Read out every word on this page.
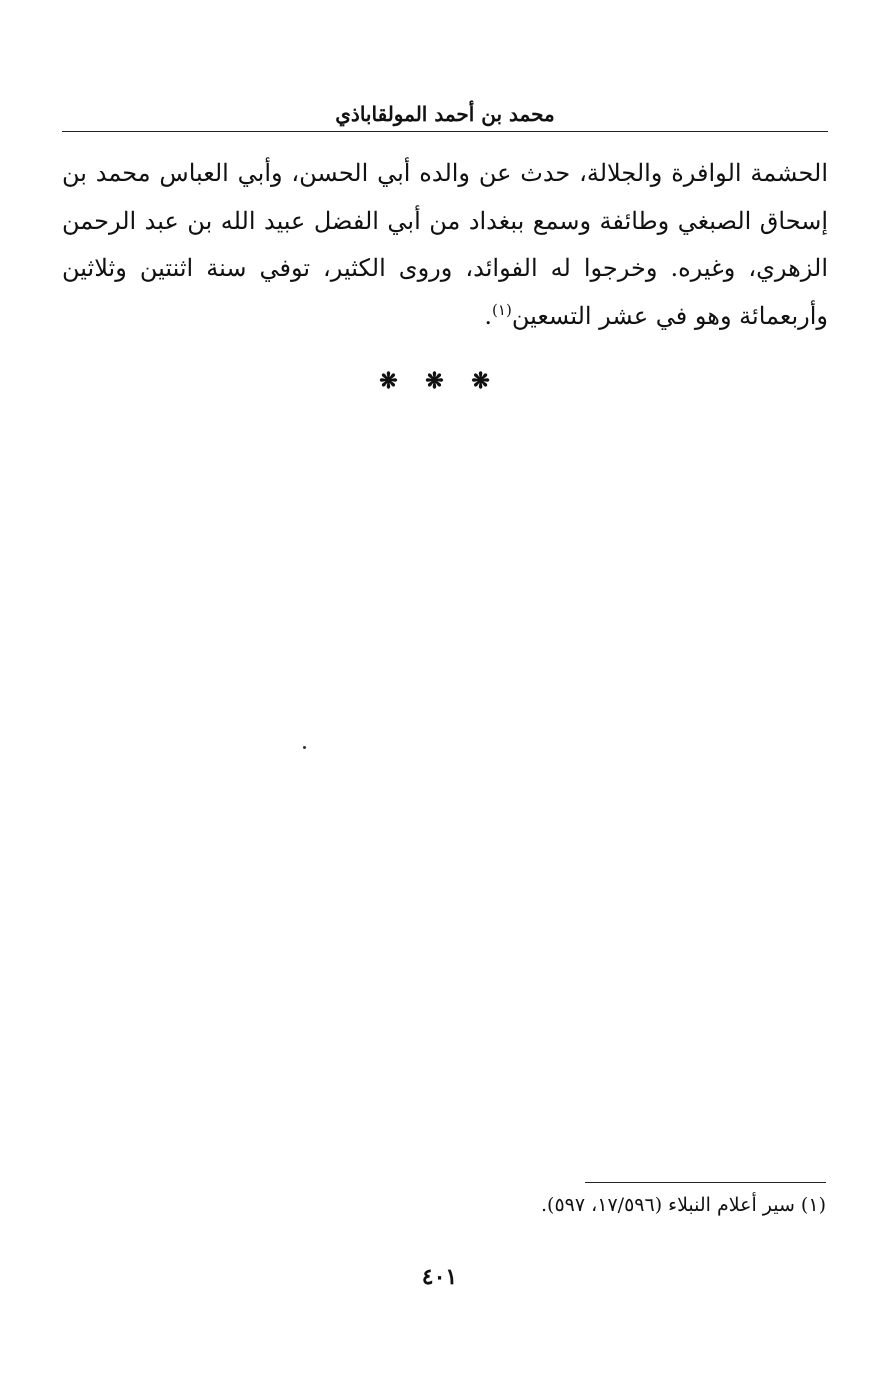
محمد بن أحمد المولقاباذي

الحشمة الوافرة والجلالة، حدث عن والده أبي الحسن، وأبي العباس محمد بن إسحاق الصبغي وطائفة وسمع ببغداد من أبي الفضل عبيد الله بن عبد الرحمن الزهري، وغيره. وخرجوا له الفوائد، وروى الكثير، توفي سنة اثنتين وثلاثين وأربعمائة وهو في عشر التسعين$^{(١)}$.

❋ ❋ ❋
(١) سير أعلام النبلاء (١٧/٥٩٦، ٥٩٧).
٤٠١
